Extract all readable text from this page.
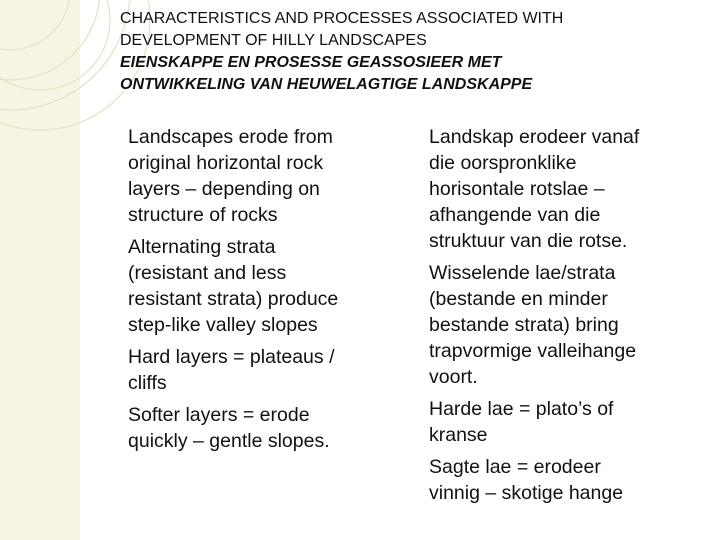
CHARACTERISTICS AND PROCESSES ASSOCIATED WITH

DEVELOPMENT OF HILLY LANDSCAPES

EIENSKAPPE EN PROSESSE GEASSOSIEER MET

ONTWIKKELING VAN HEUWELAGTIGE LANDSKAPPE

Landscapes erode from
original horizontal rock
layers – depending on
structure of rocks
Alternating strata
(resistant and less
resistant strata) produce
step-like valley slopes
Hard layers = plateaus /
cliffs
Softer layers = erode
quickly – gentle slopes.
Landskap erodeer vanaf
die oorspronklike
horisontale rotslae –
afhangende van die
struktuur van die rotse.
Wisselende lae/strata
(bestande en minder
bestande strata) bring
trapvormige valleihange
voort.
Harde lae = plato’s of
kranse
Sagte lae = erodeer
vinnig – skotige hange
